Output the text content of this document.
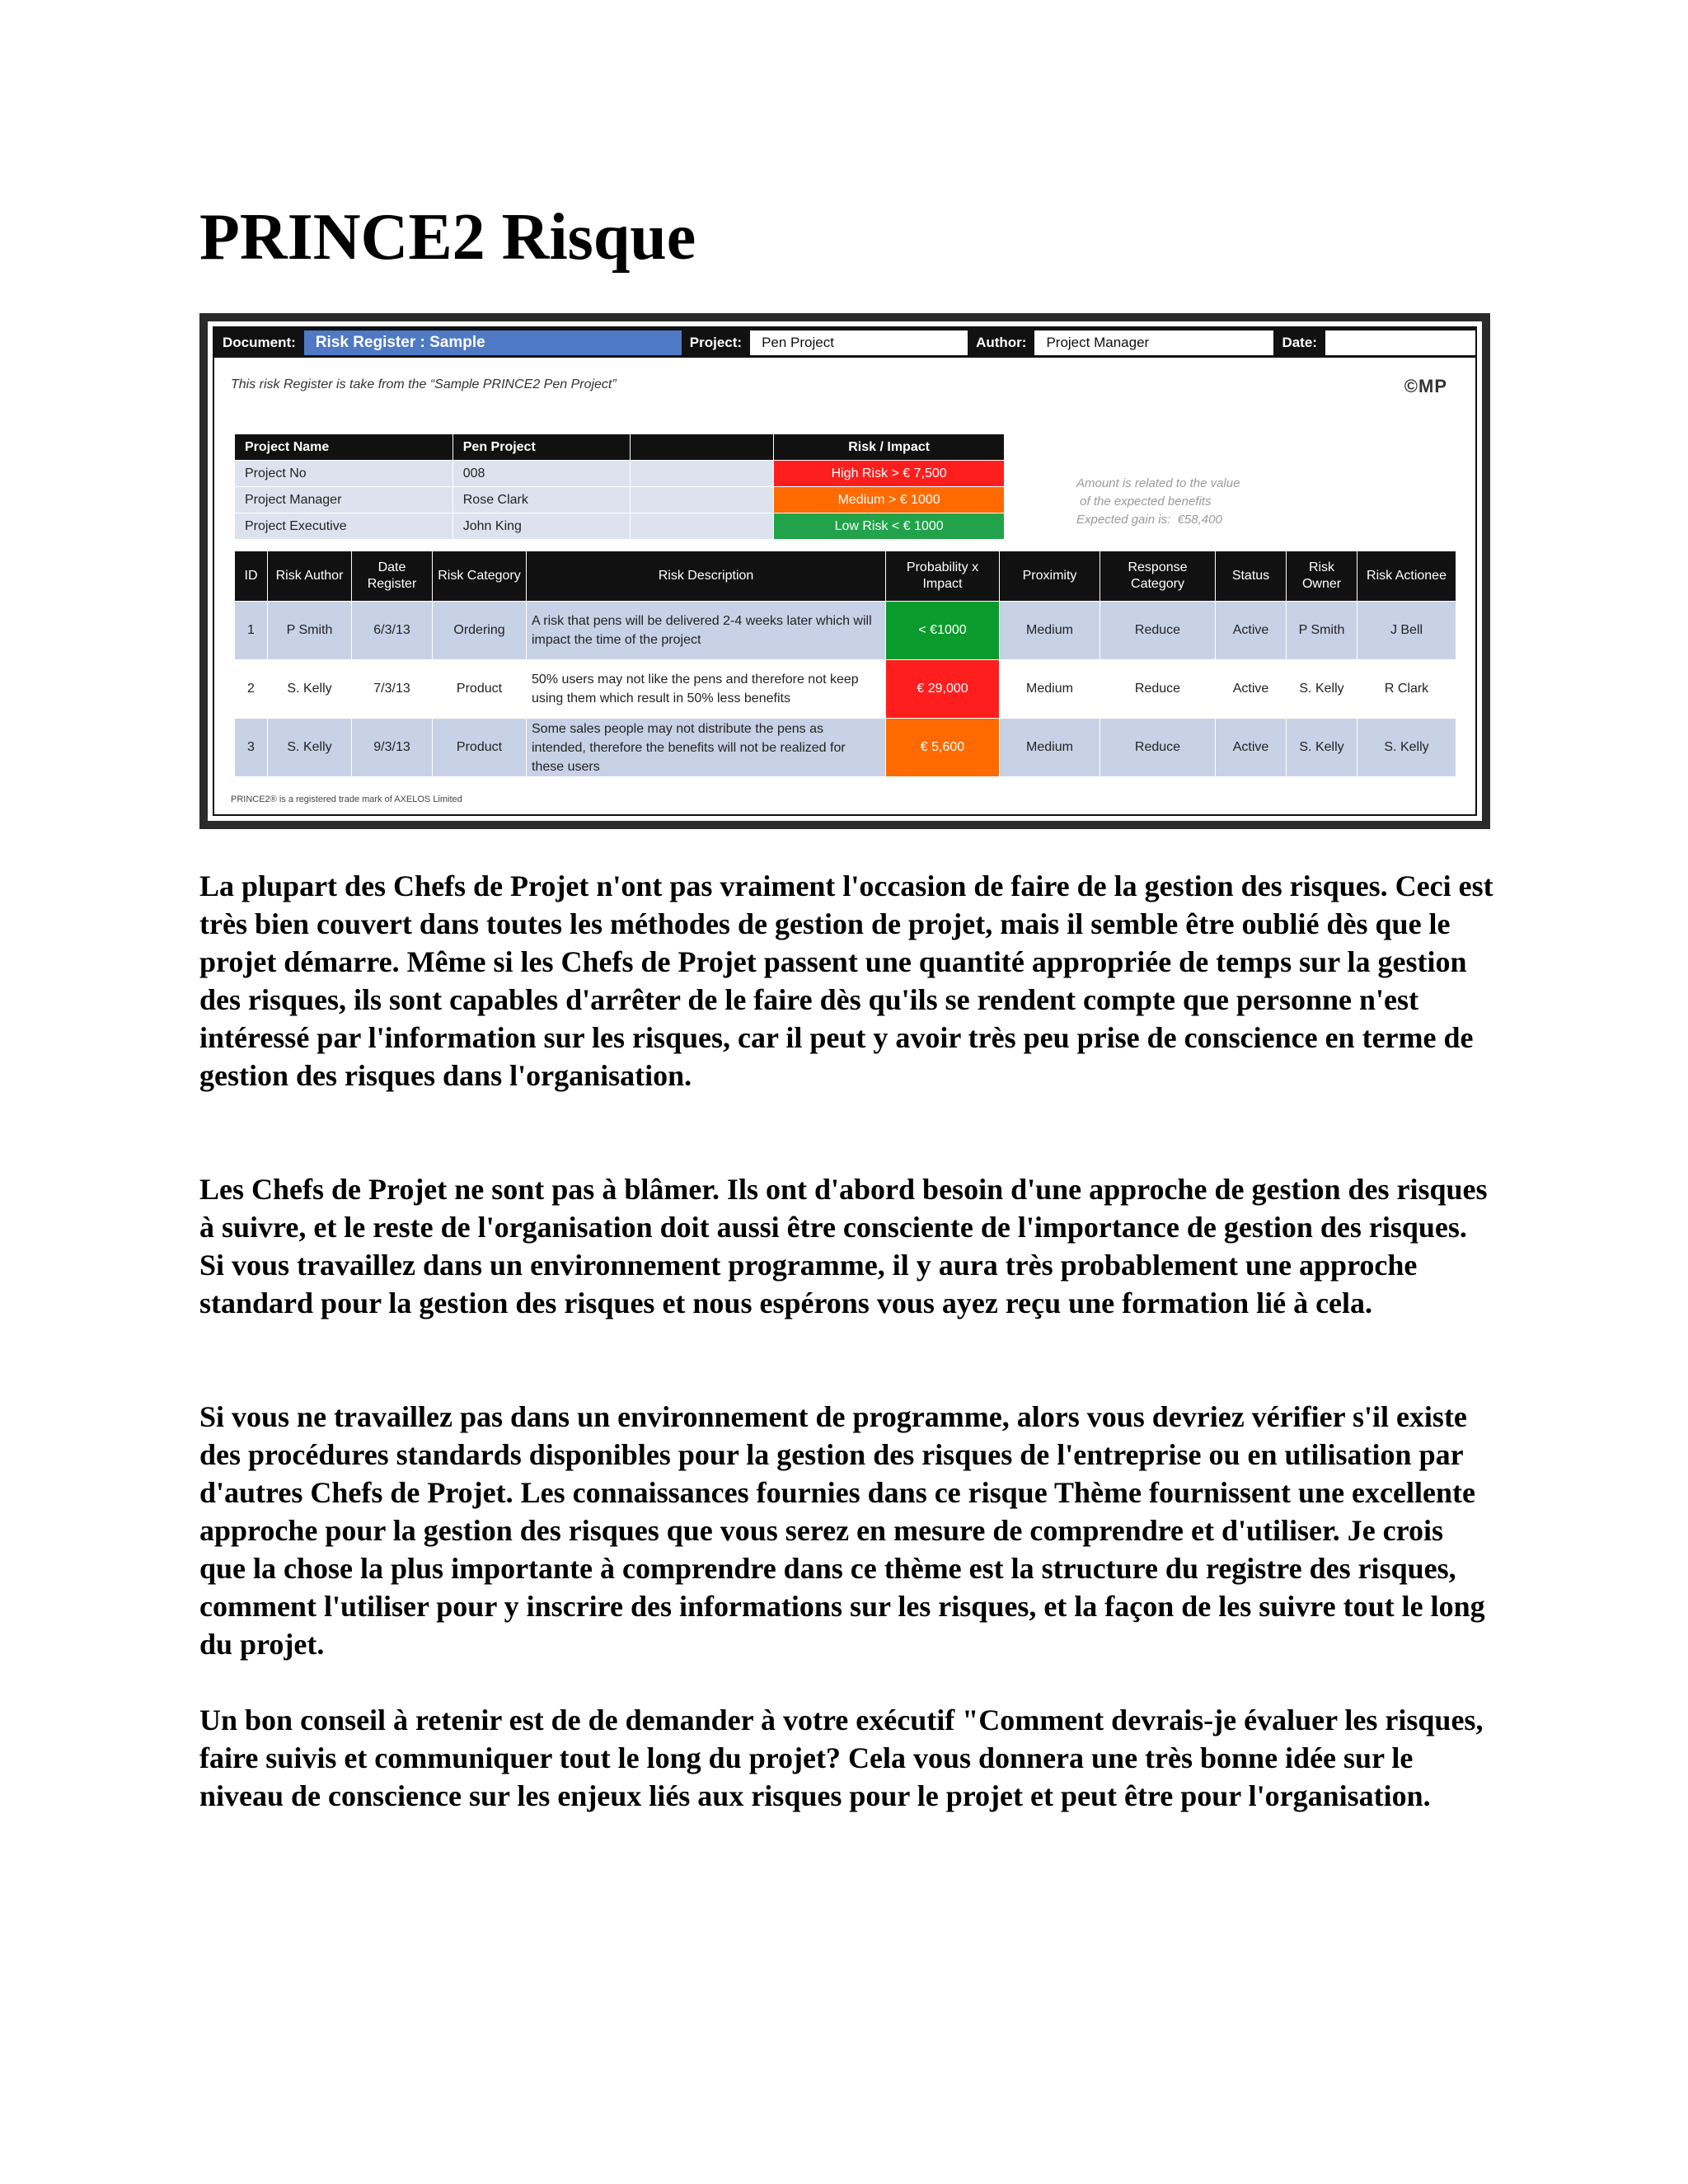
PRINCE2 Risque
Document:	Risk Register : Sample	Project:	Pen Project	Author:	Project Manager	Date:
This risk Register is take from the “Sample PRINCE2 Pen Project”	©MP
Project Name	Pen Project		Risk / Impact
Project No	008		High Risk > € 7,500
Project Manager	Rose Clark		Medium > € 1000
Project Executive	John King		Low Risk < € 1000
Amount is related to the value
of the expected benefits
Expected gain is:  €58,400
ID	Risk Author	Date Register	Risk Category	Risk Description	Probability x Impact	Proximity	Response Category	Status	Risk Owner	Risk Actionee
1	P Smith	6/3/13	Ordering	A risk that pens will be delivered 2-4 weeks later which will impact the time of the project	< €1000	Medium	Reduce	Active	P Smith	J Bell
2	S. Kelly	7/3/13	Product	50% users may not like the pens and therefore not keep using them which result in 50% less benefits	€ 29,000	Medium	Reduce	Active	S. Kelly	R Clark
3	S. Kelly	9/3/13	Product	Some sales people may not distribute the pens as intended, therefore the benefits will not be realized for these users	€ 5,600	Medium	Reduce	Active	S. Kelly	S. Kelly
PRINCE2® is a registered trade mark of AXELOS Limited

La plupart des Chefs de Projet n'ont pas vraiment l'occasion de faire de la gestion des risques. Ceci est très bien couvert dans toutes les méthodes de gestion de projet, mais il semble être oublié dès que le projet démarre. Même si les Chefs de Projet passent une quantité appropriée de temps sur la gestion des risques, ils sont capables d'arrêter de le faire dès qu'ils se rendent compte que personne n'est intéressé par l'information sur les risques, car il peut y avoir très peu prise de conscience en terme de gestion des risques dans l'organisation.

Les Chefs de Projet ne sont pas à blâmer. Ils ont d'abord besoin d'une approche de gestion des risques à suivre, et le reste de l'organisation doit aussi être consciente de l'importance de gestion des risques. Si vous travaillez dans un environnement programme, il y aura très probablement une approche standard pour la gestion des risques et nous espérons vous ayez reçu une formation lié à cela.

Si vous ne travaillez pas dans un environnement de programme, alors vous devriez vérifier s'il existe des procédures standards disponibles pour la gestion des risques de l'entreprise ou en utilisation par d'autres Chefs de Projet. Les connaissances fournies dans ce risque Thème fournissent une excellente approche pour la gestion des risques que vous serez en mesure de comprendre et d'utiliser. Je crois que la chose la plus importante à comprendre dans ce thème est la structure du registre des risques, comment l'utiliser pour y inscrire des informations sur les risques, et la façon de les suivre tout le long du projet.

Un bon conseil à retenir est de de demander à votre exécutif "Comment devrais-je évaluer les risques, faire suivis et communiquer tout le long du projet? Cela vous donnera une très bonne idée sur le niveau de conscience sur les enjeux liés aux risques pour le projet et peut être pour l'organisation.
